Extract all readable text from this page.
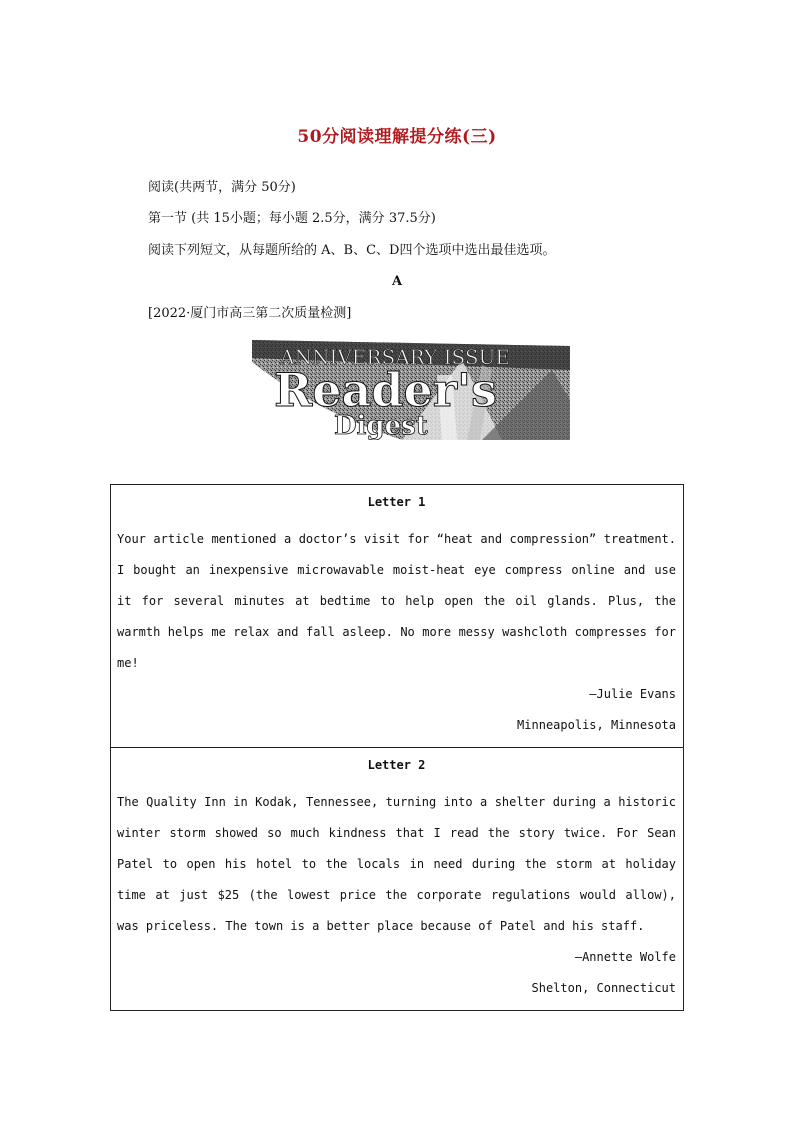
50分阅读理解提分练(三)
阅读(共两节，满分 50分)
第一节 (共 15小题；每小题 2.5分，满分 37.5分)
阅读下列短文，从每题所给的 A、B、C、D四个选项中选出最佳选项。
A
[2022·厦门市高三第二次质量检测]
ANNIVERSARY ISSUE
Reader's
Digest
Letter 1
Your article mentioned a doctor’s visit for “heat and compression” treatment. I bought an inexpensive microwavable moist-heat eye compress online and use it for several minutes at bedtime to help open the oil glands. Plus, the warmth helps me relax and fall asleep. No more messy washcloth compresses for me!
—Julie Evans
Minneapolis, Minnesota
Letter 2
The Quality Inn in Kodak, Tennessee, turning into a shelter during a historic winter storm showed so much kindness that I read the story twice. For Sean Patel to open his hotel to the locals in need during the storm at holiday time at just $25 (the lowest price the corporate regulations would allow), was priceless. The town is a better place because of Patel and his staff.
—Annette Wolfe
Shelton, Connecticut
